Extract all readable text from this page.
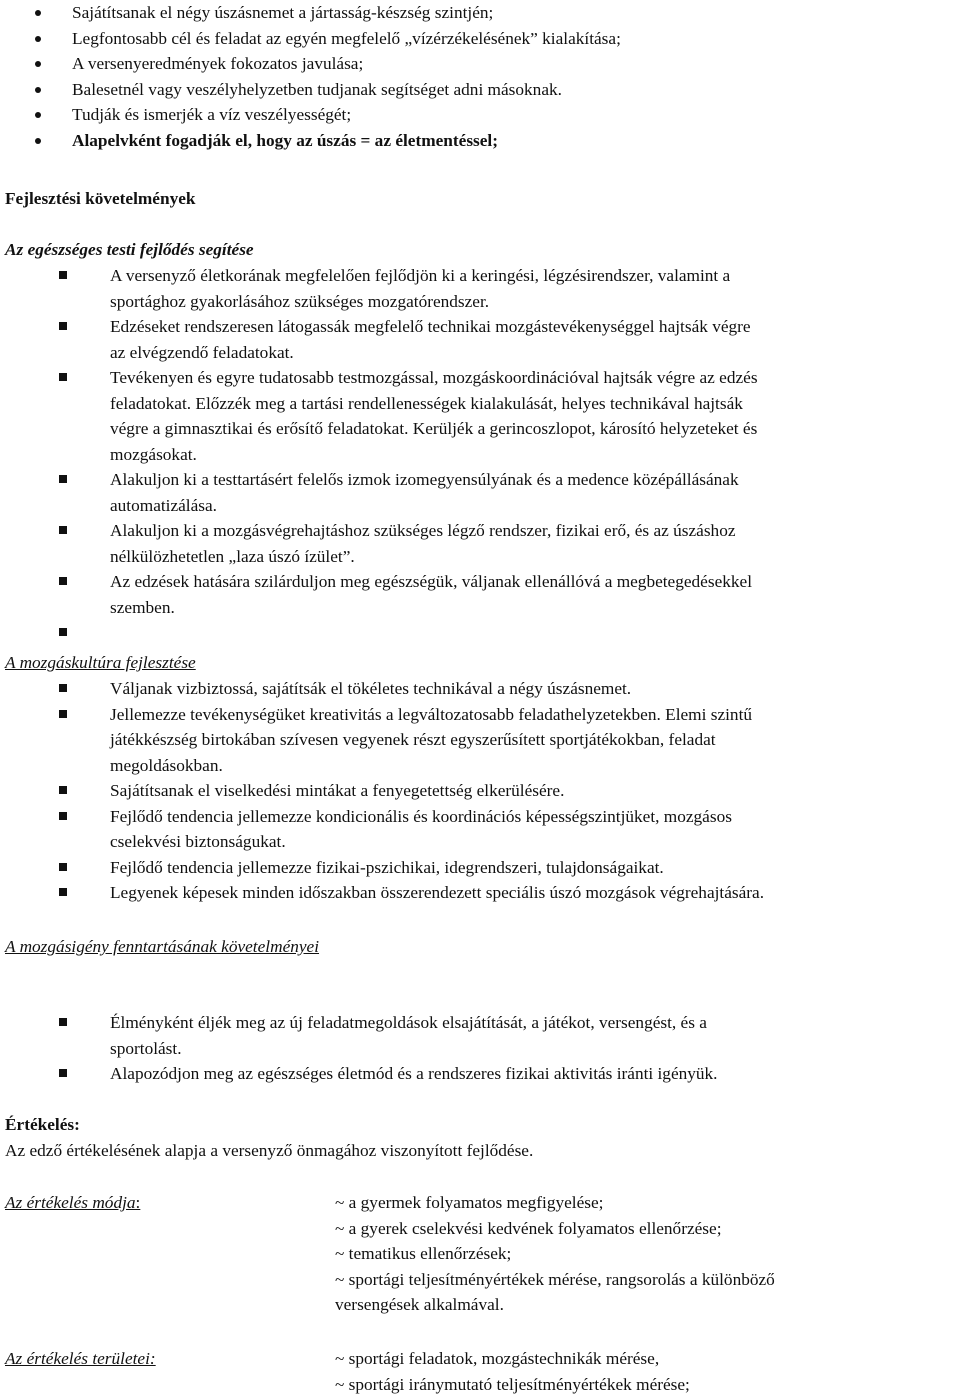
Sajátítsanak el négy úszásnemet a jártasság-készség szintjén;
Legfontosabb cél és feladat az egyén megfelelő „vízérzékelésének” kialakítása;
A versenyeredmények fokozatos javulása;
Balesetnél vagy veszélyhelyzetben tudjanak segítséget adni másoknak.
Tudják és ismerjék a víz veszélyességét;
Alapelvként fogadják el, hogy az úszás = az életmentéssel;
Fejlesztési követelmények
Az egészséges testi fejlődés segítése
A versenyző életkorának megfelelően fejlődjön ki a keringési, légzésirendszer, valamint a
sportághoz gyakorlásához szükséges mozgatórendszer.
Edzéseket rendszeresen látogassák megfelelő technikai mozgástevékenységgel hajtsák végre
az elvégzendő feladatokat.
Tevékenyen és egyre tudatosabb testmozgással, mozgáskoordinációval hajtsák végre az edzés
feladatokat. Előzzék meg a tartási rendellenességek kialakulását, helyes technikával hajtsák
végre a gimnasztikai és erősítő feladatokat. Kerüljék a gerincoszlopot, károsító helyzeteket és
mozgásokat.
Alakuljon ki a testtartásért felelős izmok izomegyensúlyának és a medence középállásának
automatizálása.
Alakuljon ki a mozgásvégrehajtáshoz szükséges légző rendszer, fizikai erő, és az úszáshoz
nélkülözhetetlen „laza úszó ízület”.
Az edzések hatására szilárduljon meg egészségük, váljanak ellenállóvá a megbetegedésekkel
szemben.
A mozgáskultúra fejlesztése
Váljanak vizbiztossá, sajátítsák el tökéletes technikával a négy úszásnemet.
Jellemezze tevékenységüket kreativitás a legváltozatosabb feladathelyzetekben. Elemi szintű
játékkészség birtokában szívesen vegyenek részt egyszerűsített sportjátékokban, feladat
megoldásokban.
Sajátítsanak el viselkedési mintákat a fenyegetettség elkerülésére.
Fejlődő tendencia jellemezze kondicionális és koordinációs képességszintjüket, mozgásos
cselekvési biztonságukat.
Fejlődő tendencia jellemezze fizikai-pszichikai, idegrendszeri, tulajdonságaikat.
Legyenek képesek minden időszakban összerendezett speciális úszó mozgások végrehajtására.
A mozgásigény fenntartásának követelményei
Élményként éljék meg az új feladatmegoldások elsajátítását, a játékot, versengést, és a
sportolást.
Alapozódjon meg az egészséges életmód és a rendszeres fizikai aktivitás iránti igényük.
Értékelés:
Az edző értékelésének alapja a versenyző önmagához viszonyított fejlődése.
Az értékelés módja:	~ a gyermek folyamatos megfigyelése;
~ a gyerek cselekvési kedvének folyamatos ellenőrzése;
~ tematikus ellenőrzések;
~ sportági teljesítményértékek mérése, rangsorolás a különböző
versengések alkalmával.
Az értékelés területei:	~ sportági feladatok, mozgástechnikák mérése,
~ sportági iránymutató teljesítményértékek mérése;
